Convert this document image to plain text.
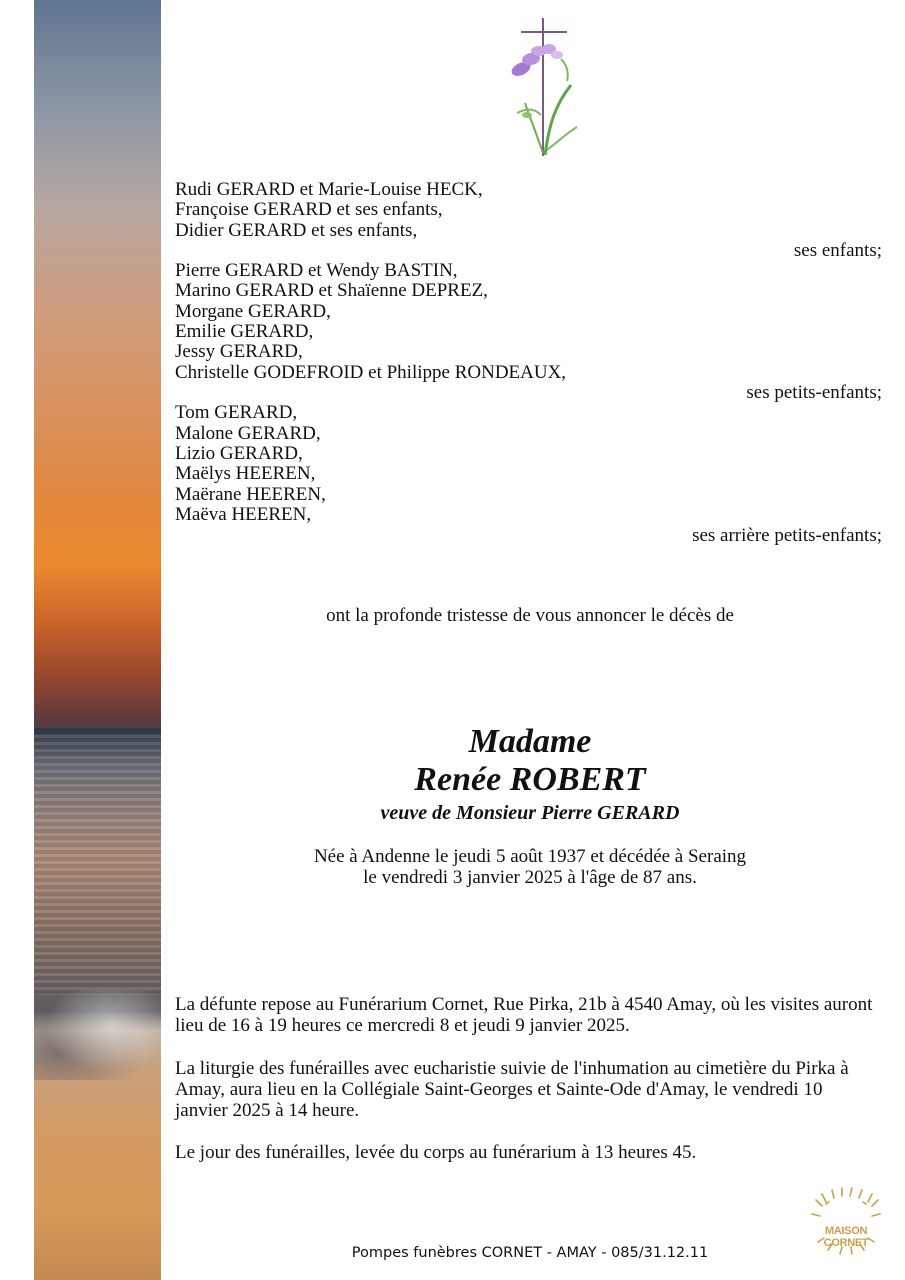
Rudi GERARD et Marie-Louise HECK,
Françoise GERARD et ses enfants,
Didier GERARD et ses enfants,
ses enfants;
Pierre GERARD et Wendy BASTIN,
Marino GERARD et Shaïenne DEPREZ,
Morgane GERARD,
Emilie GERARD,
Jessy GERARD,
Christelle GODEFROID et Philippe RONDEAUX,
ses petits-enfants;
Tom GERARD,
Malone GERARD,
Lizio GERARD,
Maëlys HEEREN,
Maërane HEEREN,
Maëva HEEREN,
ses arrière petits-enfants;
ont la profonde tristesse de vous annoncer le décès de
Madame
Renée ROBERT
veuve de Monsieur Pierre GERARD
Née à Andenne le jeudi 5 août 1937 et décédée à Seraing
le vendredi 3 janvier 2025 à l'âge de 87 ans.
La défunte repose au Funérarium Cornet, Rue Pirka, 21b à 4540 Amay, où les visites auront lieu de 16 à 19 heures ce mercredi 8 et jeudi 9 janvier 2025.
La liturgie des funérailles avec eucharistie suivie de l'inhumation au cimetière du Pirka à Amay, aura lieu en la Collégiale Saint-Georges et Sainte-Ode d'Amay, le vendredi 10 janvier 2025 à 14 heure.
Le jour des funérailles, levée du corps au funérarium à 13 heures 45.
Pompes funèbres CORNET - AMAY - 085/31.12.11
MAISON CORNET
